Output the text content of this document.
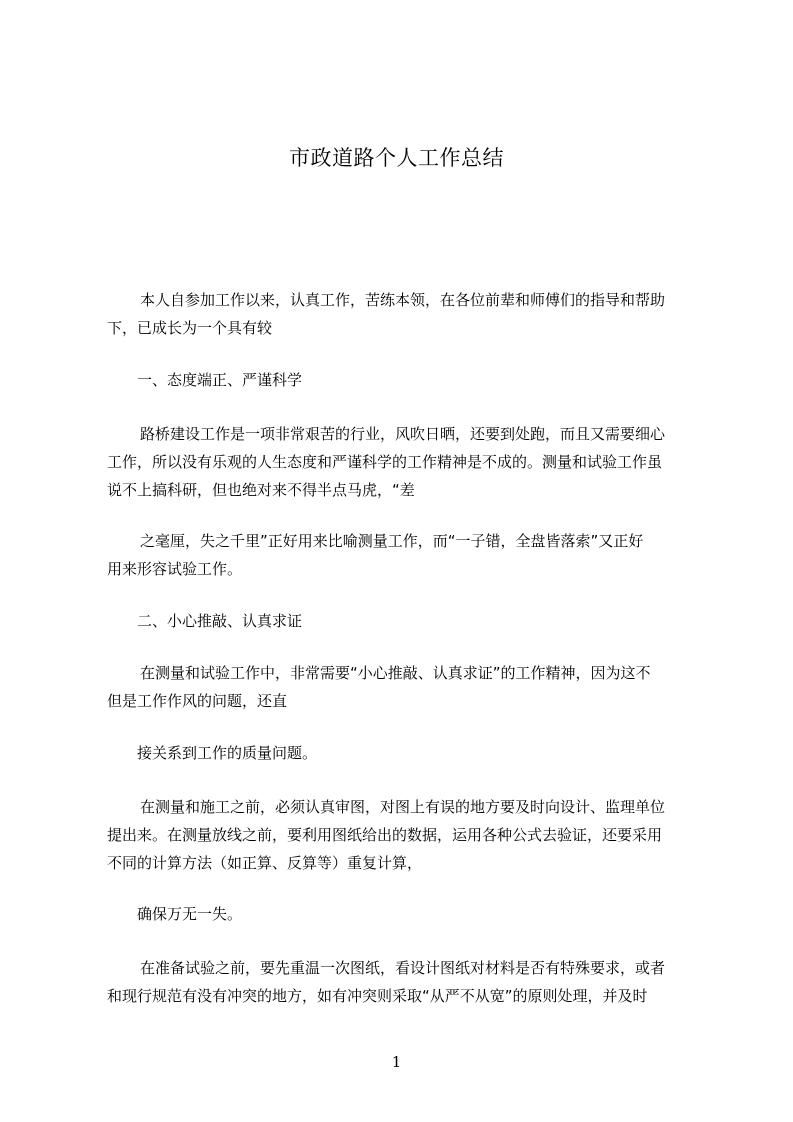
市政道路个人工作总结
本人自参加工作以来，认真工作，苦练本领，在各位前辈和师傅们的指导和帮助
下，已成长为一个具有较
一、态度端正、严谨科学
路桥建设工作是一项非常艰苦的行业，风吹日晒，还要到处跑，而且又需要细心
工作，所以没有乐观的人生态度和严谨科学的工作精神是不成的。测量和试验工作虽
说不上搞科研，但也绝对来不得半点马虎，“差
之毫厘，失之千里”正好用来比喻测量工作，而“一子错，全盘皆落索”又正好
用来形容试验工作。
二、小心推敲、认真求证
在测量和试验工作中，非常需要“小心推敲、认真求证”的工作精神，因为这不
但是工作作风的问题，还直
接关系到工作的质量问题。
在测量和施工之前，必须认真审图，对图上有误的地方要及时向设计、监理单位
提出来。在测量放线之前，要利用图纸给出的数据，运用各种公式去验证，还要采用
不同的计算方法（如正算、反算等）重复计算，
确保万无一失。
在准备试验之前，要先重温一次图纸，看设计图纸对材料是否有特殊要求，或者
和现行规范有没有冲突的地方，如有冲突则采取“从严不从宽”的原则处理，并及时
1
